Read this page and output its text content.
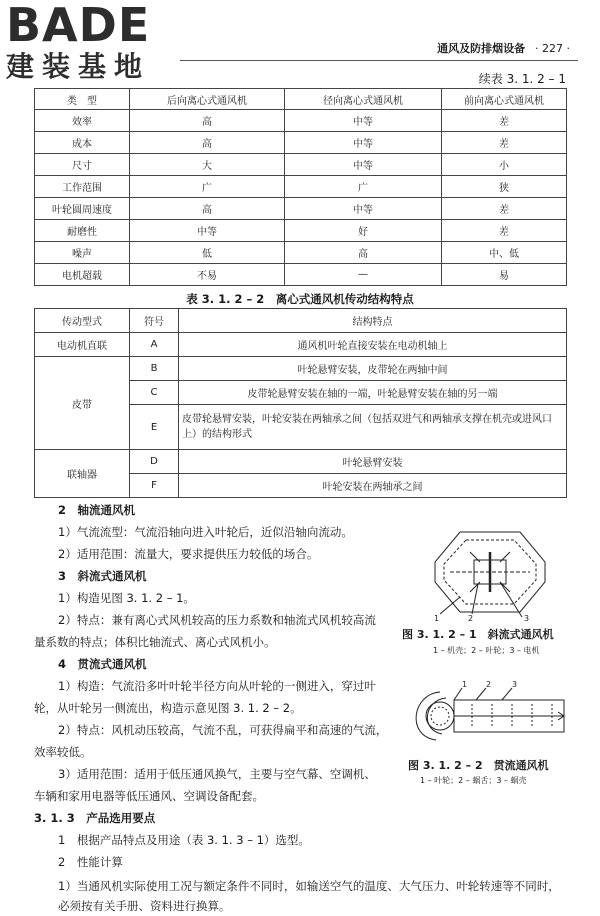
BADE
建装基地
通风及防排烟设备 · 227 ·
续表 3. 1. 2 – 1
类　型	后向离心式通风机	径向离心式通风机	前向离心式通风机
效率	高	中等	差
成本	高	中等	差
尺寸	大	中等	小
工作范围	广	广	狭
叶轮圆周速度	高	中等	差
耐磨性	中等	好	差
噪声	低	高	中、低
电机超载	不易	—	易
表 3. 1. 2 – 2　离心式通风机传动结构特点
传动型式	符号	结构特点
电动机直联	A	通风机叶轮直接安装在电动机轴上
皮带	B	叶轮悬臂安装，皮带轮在两轴中间
	C	皮带轮悬臂安装在轴的一端，叶轮悬臂安装在轴的另一端
	E	皮带轮悬臂安装，叶轮安装在两轴承之间（包括双进气和两轴承支撑在机壳或进风口上）的结构形式
联轴器	D	叶轮悬臂安装
	F	叶轮安装在两轴承之间
2　轴流通风机
1）气流流型：气流沿轴向进入叶轮后，近似沿轴向流动。
2）适用范围：流量大，要求提供压力较低的场合。
3　斜流式通风机
1）构造见图 3. 1. 2 – 1。
2）特点：兼有离心式风机较高的压力系数和轴流式风机较高流
量系数的特点；体积比轴流式、离心式风机小。
4　贯流式通风机
1）构造：气流沿多叶叶轮半径方向从叶轮的一侧进入，穿过叶
轮，从叶轮另一侧流出，构造示意见图 3. 1. 2 – 2。
2）特点：风机动压较高，气流不乱，可获得扁平和高速的气流，
效率较低。
3）适用范围：适用于低压通风换气，主要与空气幕、空调机、
车辆和家用电器等低压通风、空调设备配套。
3. 1. 3　产品选用要点
1　根据产品特点及用途（表 3. 1. 3 – 1）选型。
2　性能计算
1）当通风机实际使用工况与额定条件不同时，如输送空气的温度、大气压力、叶轮转速等不同时，必须按有关手册、资料进行换算。
1	2	3
图 3. 1. 2 – 1　斜流式通风机
1 – 机壳；2 – 叶轮；3 – 电机
1 2	3
图 3. 1. 2 – 2　贯流通风机
1 – 叶轮；2 – 蜗舌；3 – 蜗壳
